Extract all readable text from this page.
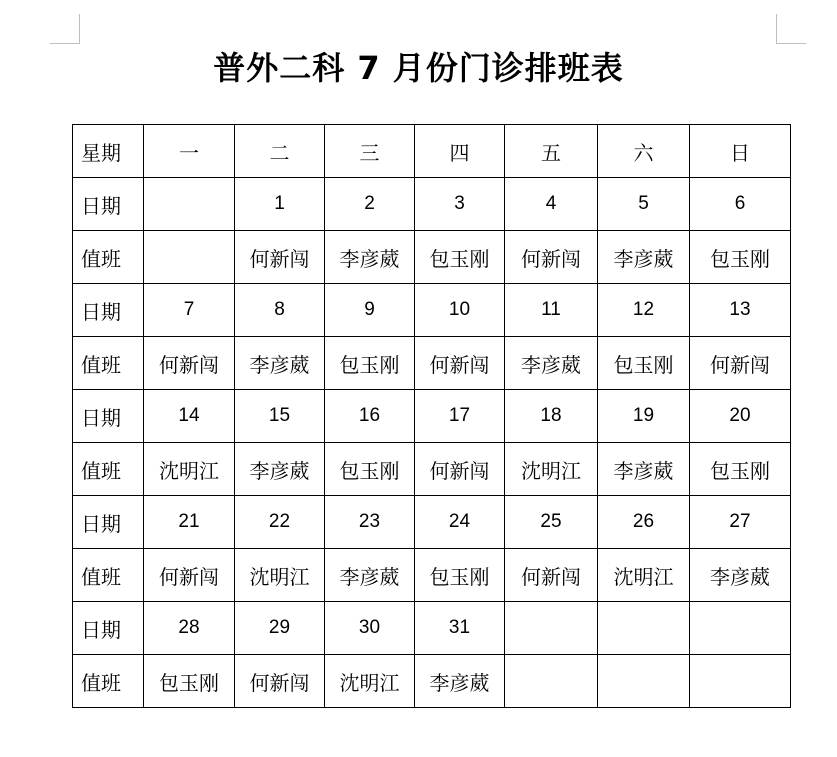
普外二科 7 月份门诊排班表
星期	一	二	三	四	五	六	日
日期		1	2	3	4	5	6
值班		何新闯	李彦葳	包玉刚	何新闯	李彦葳	包玉刚
日期	7	8	9	10	11	12	13
值班	何新闯	李彦葳	包玉刚	何新闯	李彦葳	包玉刚	何新闯
日期	14	15	16	17	18	19	20
值班	沈明江	李彦葳	包玉刚	何新闯	沈明江	李彦葳	包玉刚
日期	21	22	23	24	25	26	27
值班	何新闯	沈明江	李彦葳	包玉刚	何新闯	沈明江	李彦葳
日期	28	29	30	31			
值班	包玉刚	何新闯	沈明江	李彦葳			
